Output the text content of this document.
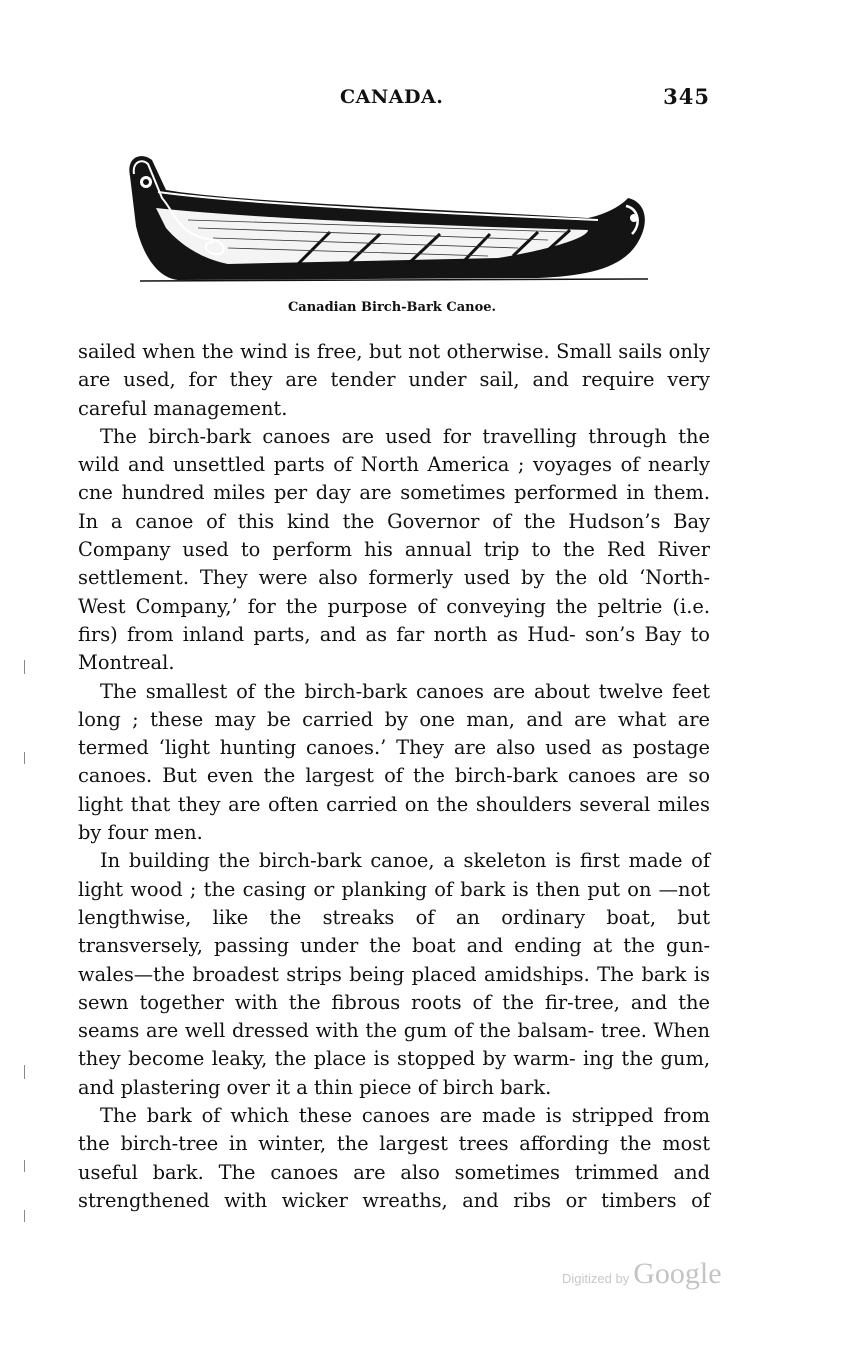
CANADA.	345
Canadian Birch-Bark Canoe.

sailed when the wind is free, but not otherwise. Small sails only are used, for they are tender under sail, and require very careful management.

The birch-bark canoes are used for travelling through the wild and unsettled parts of North America ; voyages of nearly cne hundred miles per day are sometimes performed in them. In a canoe of this kind the Governor of the Hudson’s Bay Company used to perform his annual trip to the Red River settlement. They were also formerly used by the old ‘North-West Company,’ for the purpose of conveying the peltrie (i.e. firs) from inland parts, and as far north as Hud- son’s Bay to Montreal.

The smallest of the birch-bark canoes are about twelve feet long ; these may be carried by one man, and are what are termed ‘light hunting canoes.’ They are also used as postage canoes. But even the largest of the birch-bark canoes are so light that they are often carried on the shoulders several miles by four men.

In building the birch-bark canoe, a skeleton is first made of light wood ; the casing or planking of bark is then put on —not lengthwise, like the streaks of an ordinary boat, but transversely, passing under the boat and ending at the gun- wales—the broadest strips being placed amidships. The bark is sewn together with the fibrous roots of the fir-tree, and the seams are well dressed with the gum of the balsam- tree. When they become leaky, the place is stopped by warm- ing the gum, and plastering over it a thin piece of birch bark.

The bark of which these canoes are made is stripped from the birch-tree in winter, the largest trees affording the most useful bark. The canoes are also sometimes trimmed and strengthened with wicker wreaths, and ribs or timbers of

Digitized by Google
